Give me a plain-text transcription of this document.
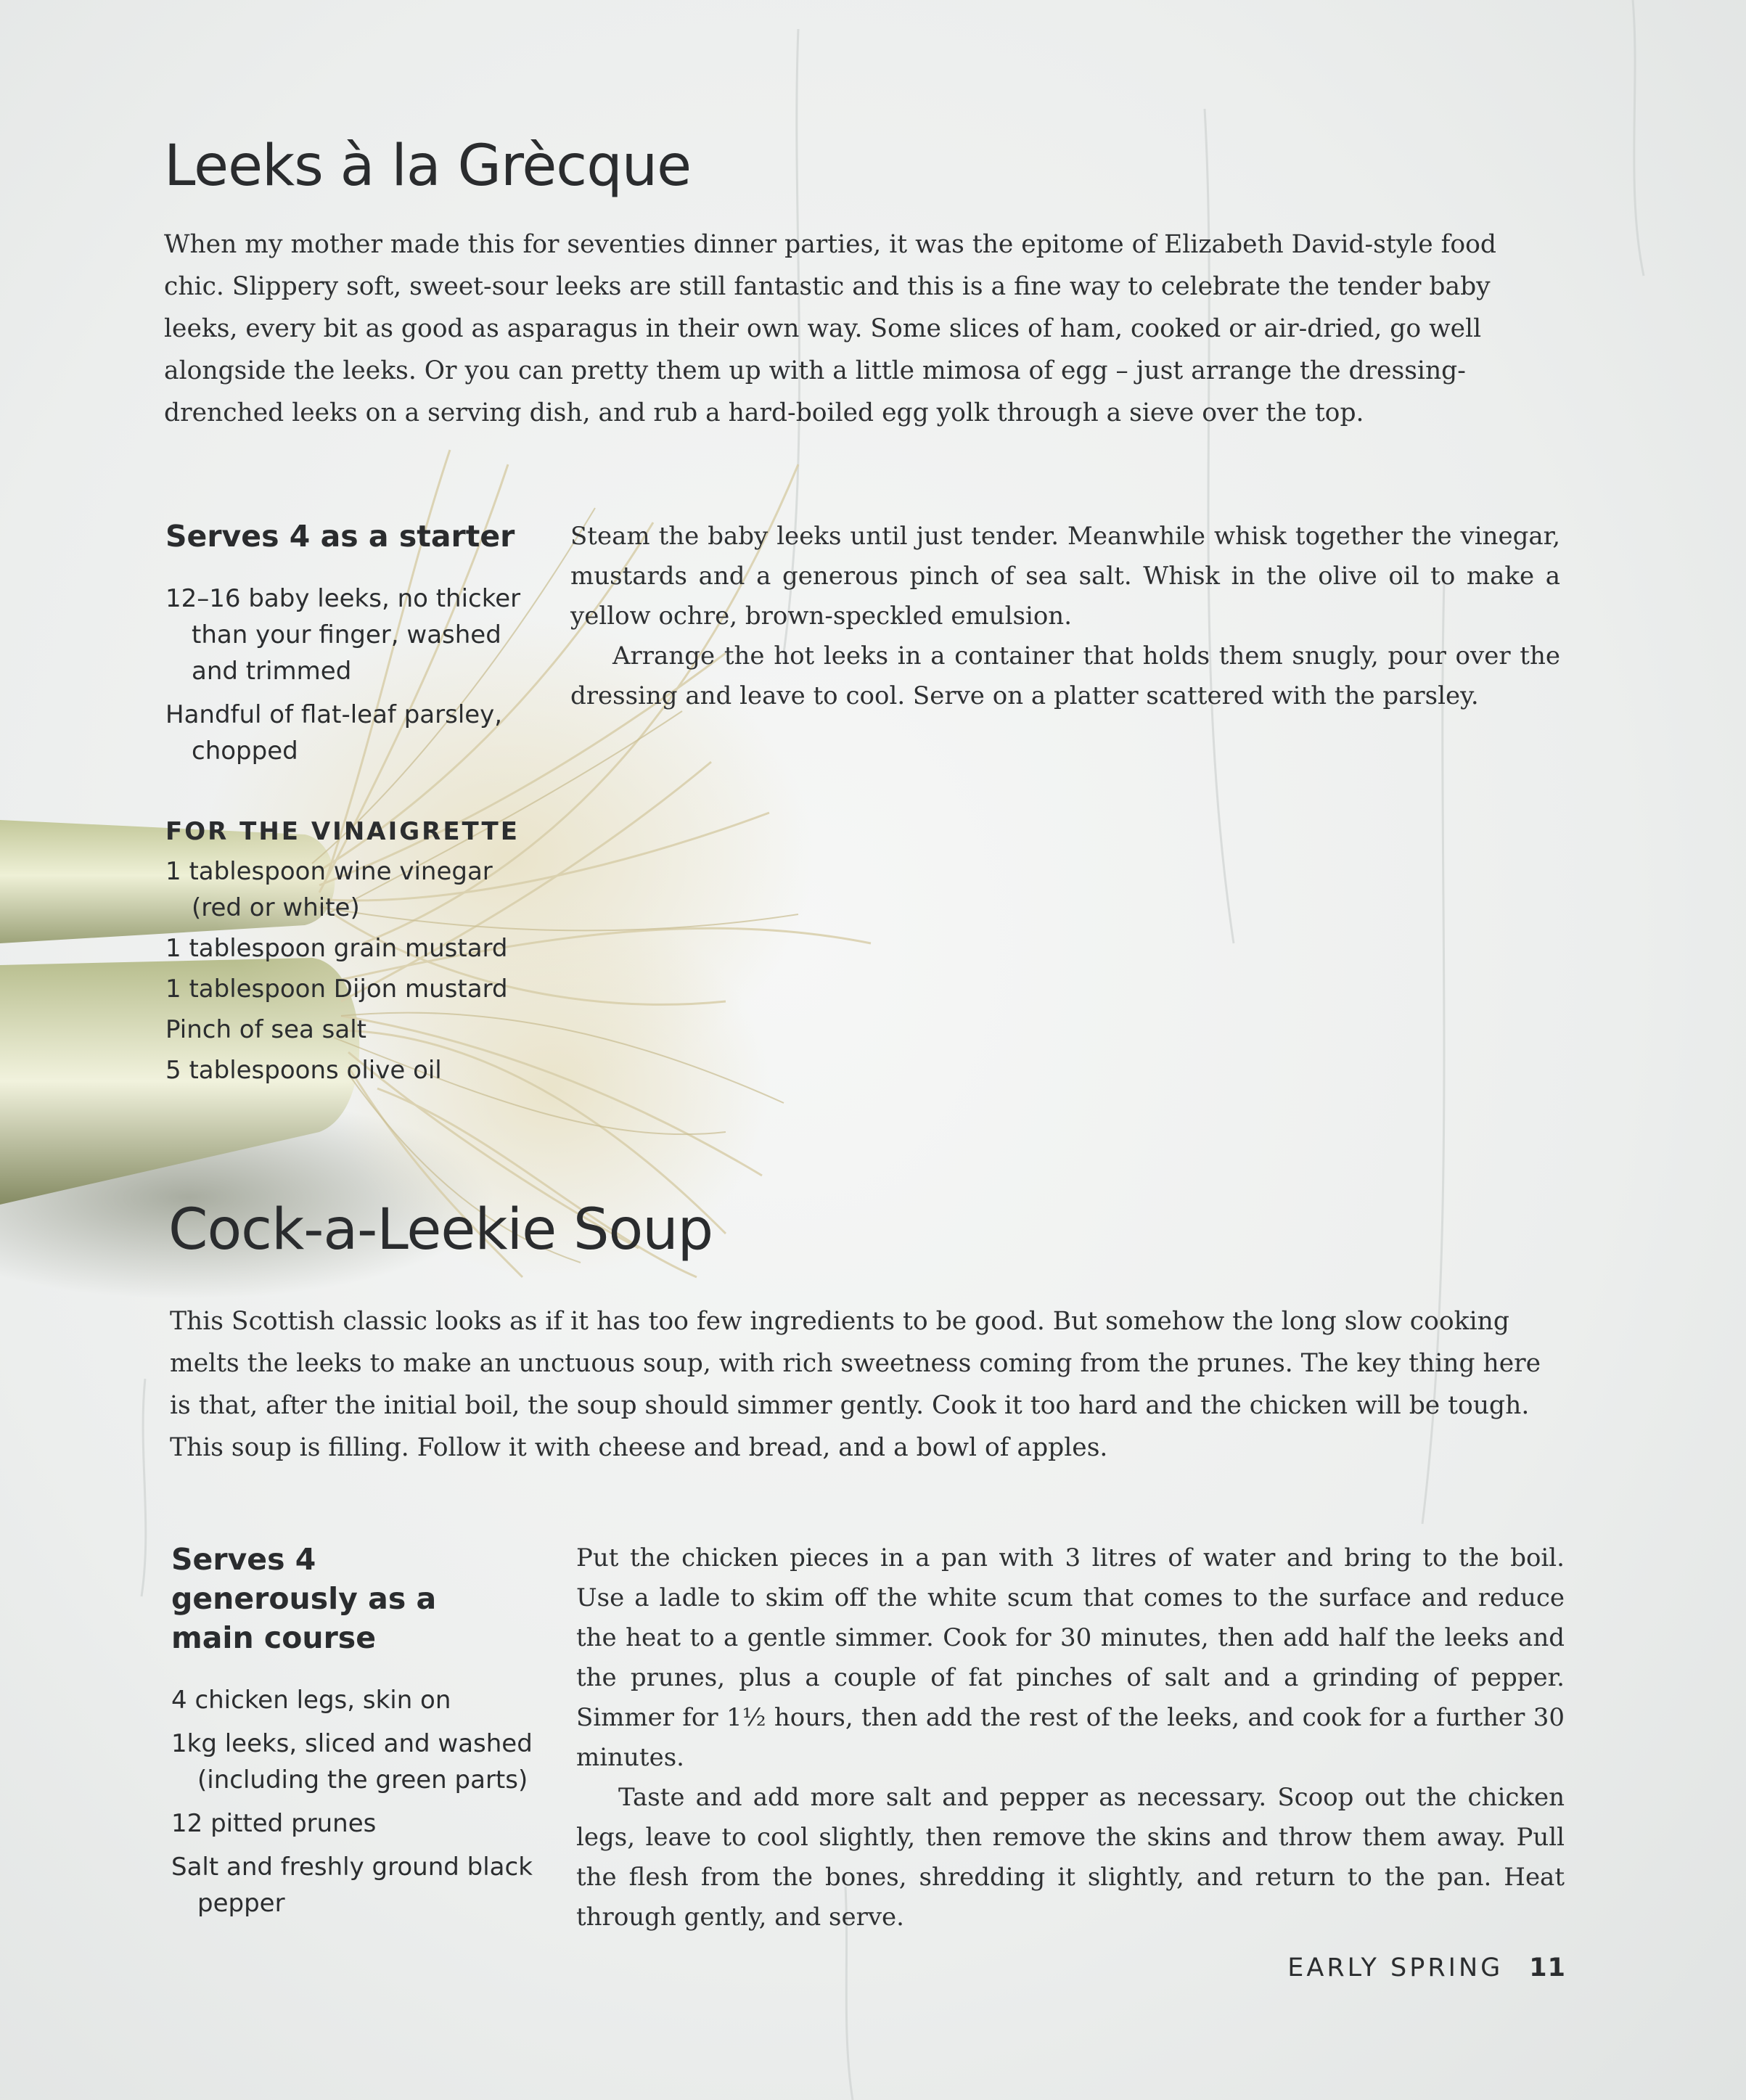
Leeks à la Grècque

When my mother made this for seventies dinner parties, it was the epitome of Elizabeth David-style food chic. Slippery soft, sweet-sour leeks are still fantastic and this is a fine way to celebrate the tender baby leeks, every bit as good as asparagus in their own way. Some slices of ham, cooked or air-dried, go well alongside the leeks. Or you can pretty them up with a little mimosa of egg – just arrange the dressing-drenched leeks on a serving dish, and rub a hard-boiled egg yolk through a sieve over the top.

Serves 4 as a starter
12–16 baby leeks, no thicker than your finger, washed and trimmed
Handful of flat-leaf parsley, chopped
FOR THE VINAIGRETTE
1 tablespoon wine vinegar (red or white)
1 tablespoon grain mustard
1 tablespoon Dijon mustard
Pinch of sea salt
5 tablespoons olive oil

Steam the baby leeks until just tender. Meanwhile whisk together the vinegar, mustards and a generous pinch of sea salt. Whisk in the olive oil to make a yellow ochre, brown-speckled emulsion.

Arrange the hot leeks in a container that holds them snugly, pour over the dressing and leave to cool. Serve on a platter scattered with the parsley.

Cock-a-Leekie Soup

This Scottish classic looks as if it has too few ingredients to be good. But somehow the long slow cooking melts the leeks to make an unctuous soup, with rich sweetness coming from the prunes. The key thing here is that, after the initial boil, the soup should simmer gently. Cook it too hard and the chicken will be tough. This soup is filling. Follow it with cheese and bread, and a bowl of apples.

Serves 4 generously as a main course
4 chicken legs, skin on
1kg leeks, sliced and washed (including the green parts)
12 pitted prunes
Salt and freshly ground black pepper

Put the chicken pieces in a pan with 3 litres of water and bring to the boil. Use a ladle to skim off the white scum that comes to the surface and reduce the heat to a gentle simmer. Cook for 30 minutes, then add half the leeks and the prunes, plus a couple of fat pinches of salt and a grinding of pepper. Simmer for 1½ hours, then add the rest of the leeks, and cook for a further 30 minutes.

Taste and add more salt and pepper as necessary. Scoop out the chicken legs, leave to cool slightly, then remove the skins and throw them away. Pull the flesh from the bones, shredding it slightly, and return to the pan. Heat through gently, and serve.

EARLY SPRING 11
